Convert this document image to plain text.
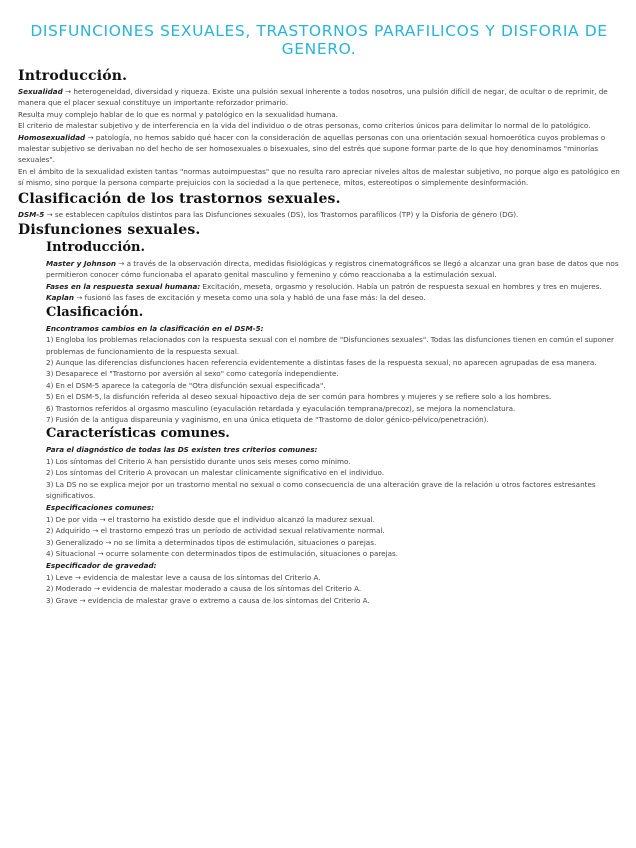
DISFUNCIONES SEXUALES, TRASTORNOS PARAFILICOS Y DISFORIA DE GENERO.
Introducción.

Sexualidad → heterogeneidad, diversidad y riqueza. Existe una pulsión sexual inherente a todos nosotros, una pulsión difícil de negar, de ocultar o de reprimir, de manera que el placer sexual constituye un importante reforzador primario.

Resulta muy complejo hablar de lo que es normal y patológico en la sexualidad humana.

El criterio de malestar subjetivo y de interferencia en la vida del individuo o de otras personas, como criterios únicos para delimitar lo normal de lo patológico.

Homosexualidad → patología, no hemos sabido qué hacer con la consideración de aquellas personas con una orientación sexual homoerótica cuyos problemas o malestar subjetivo se derivaban no del hecho de ser homosexuales o bisexuales, sino del estrés que supone formar parte de lo que hoy denominamos "minorías sexuales".

En el ámbito de la sexualidad existen tantas "normas autoimpuestas" que no resulta raro apreciar niveles altos de malestar subjetivo, no porque algo es patológico en sí mismo, sino porque la persona comparte prejuicios con la sociedad a la que pertenece, mitos, estereotipos o simplemente desinformación.

Clasificación de los trastornos sexuales.

DSM-5 → se establecen capítulos distintos para las Disfunciones sexuales (DS), los Trastornos parafílicos (TP) y la Disforia de género (DG).

Disfunciones sexuales.
Introducción.

Master y Johnson → a través de la observación directa, medidas fisiológicas y registros cinematográficos se llegó a alcanzar una gran base de datos que nos permitieron conocer cómo funcionaba el aparato genital masculino y femenino y cómo reaccionaba a la estimulación sexual.

Fases en la respuesta sexual humana: Excitación, meseta, orgasmo y resolución. Había un patrón de respuesta sexual en hombres y tres en mujeres.

Kaplan → fusionó las fases de excitación y meseta como una sola y habló de una fase más: la del deseo.

Clasificación.
Encontramos cambios en la clasificación en el DSM-5:

1) Engloba los problemas relacionados con la respuesta sexual con el nombre de "Disfunciones sexuales". Todas las disfunciones tienen en común el suponer problemas de funcionamiento de la respuesta sexual.

2) Aunque las diferencias disfunciones hacen referencia evidentemente a distintas fases de la respuesta sexual, no aparecen agrupadas de esa manera.

3) Desaparece el "Trastorno por aversión al sexo" como categoría independiente.

4) En el DSM-5 aparece la categoría de "Otra disfunción sexual especificada".

5) En el DSM-5, la disfunción referida al deseo sexual hipoactivo deja de ser común para hombres y mujeres y se refiere solo a los hombres.

6) Trastornos referidos al orgasmo masculino (eyaculación retardada y eyaculación temprana/precoz), se mejora la nomenclatura.

7) Fusión de la antigua dispareunia y vaginismo, en una única etiqueta de "Trastorno de dolor génico-pélvico/penetración).

Características comunes.
Para el diagnóstico de todas las DS existen tres criterios comunes:

1) Los síntomas del Criterio A han persistido durante unos seis meses como mínimo.

2) Los síntomas del Criterio A provocan un malestar clínicamente significativo en el individuo.

3) La DS no se explica mejor por un trastorno mental no sexual o como consecuencia de una alteración grave de la relación u otros factores estresantes significativos.

Especificaciones comunes:

1) De por vida → el trastorno ha existido desde que el individuo alcanzó la madurez sexual.

2) Adquirido → el trastorno empezó tras un período de actividad sexual relativamente normal.

3) Generalizado → no se limita a determinados tipos de estimulación, situaciones o parejas.

4) Situacional → ocurre solamente con determinados tipos de estimulación, situaciones o parejas.

Especificador de gravedad:

1) Leve → evidencia de malestar leve a causa de los síntomas del Criterio A.

2) Moderado → evidencia de malestar moderado a causa de los síntomas del Criterio A.

3) Grave → evidencia de malestar grave o extremo a causa de los síntomas del Criterio A.
